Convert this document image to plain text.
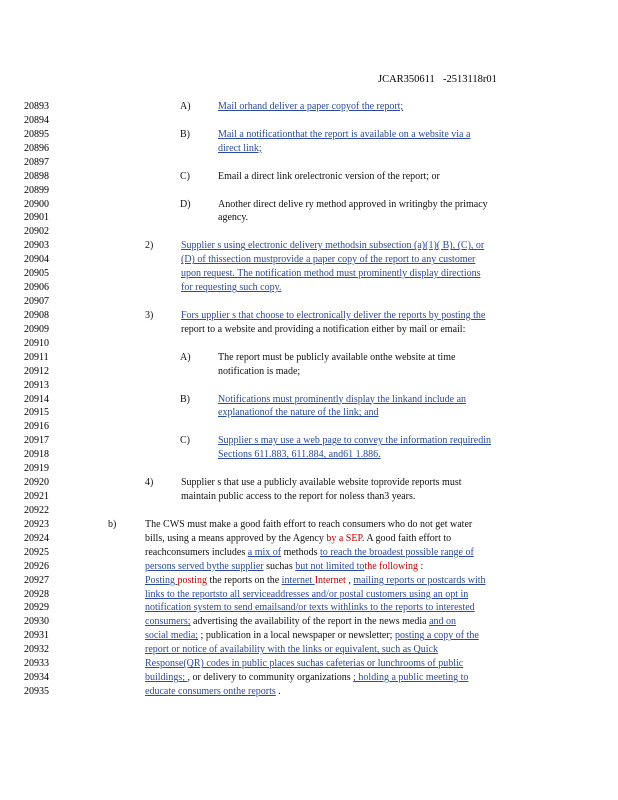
JCAR350611 -2513118r01
20893	A)	Mail orhand deliver a paper copyof the report;
20894
20895	B)	Mail a notificationthat the report is available on a website via a
20896	direct link;
20897
20898	C)	Email a direct link orelectronic version of the report; or
20899
20900	D)	Another direct delive ry method approved in writingby the primacy
20901	agency.
20902
20903	2)	Supplier s using electronic delivery methodsin subsection (a)(1)( B), (C), or
20904	(D) of thissection mustprovide a paper copy of the report to any customer
20905	upon request. The notification method must prominently display directions
20906	for requesting such copy.
20907
20908	3)	Fors upplier s that choose to electronically deliver the reports by posting the
20909	report to a website and providing a notification either by mail or email:
20910
20911	A)	The report must be publicly available onthe website at time
20912	notification is made;
20913
20914	B)	Notifications must prominently display the linkand include an
20915	explanationof the nature of the link; and
20916
20917	C)	Supplier s may use a web page to convey the information requiredin
20918	Sections 611.883, 611.884, and61 1.886.
20919
20920	4)	Supplier s that use a publicly available website toprovide reports must
20921	maintain public access to the report for noless than3 years.
20922
20923	b)	The CWS must make a good faith effort to reach consumers who do not get water
20924	bills, using a means approved by the Agency by a SEP. A good faith effort to
20925	reachconsumers includes a mix of methods to reach the broadest possible range of
20926	persons served bythe supplier suchas but not limited tothe following :
20927	Posting posting the reports on the internet Internet , mailing reports or postcards with
20928	links to the reportsto all serviceaddresses and/or postal customers using an opt in
20929	notification system to send emailsand/or texts withlinks to the reports to interested
20930	consumers; advertising the availability of the report in the news media and on
20931	social media; ; publication in a local newspaper or newsletter; posting a copy of the
20932	report or notice of availability with the links or equivalent, such as Quick
20933	Response(QR) codes in public places suchas cafeterias or lunchrooms of public
20934	buildings; , or delivery to community organizations ; holding a public meeting to
20935	educate consumers onthe reports .
